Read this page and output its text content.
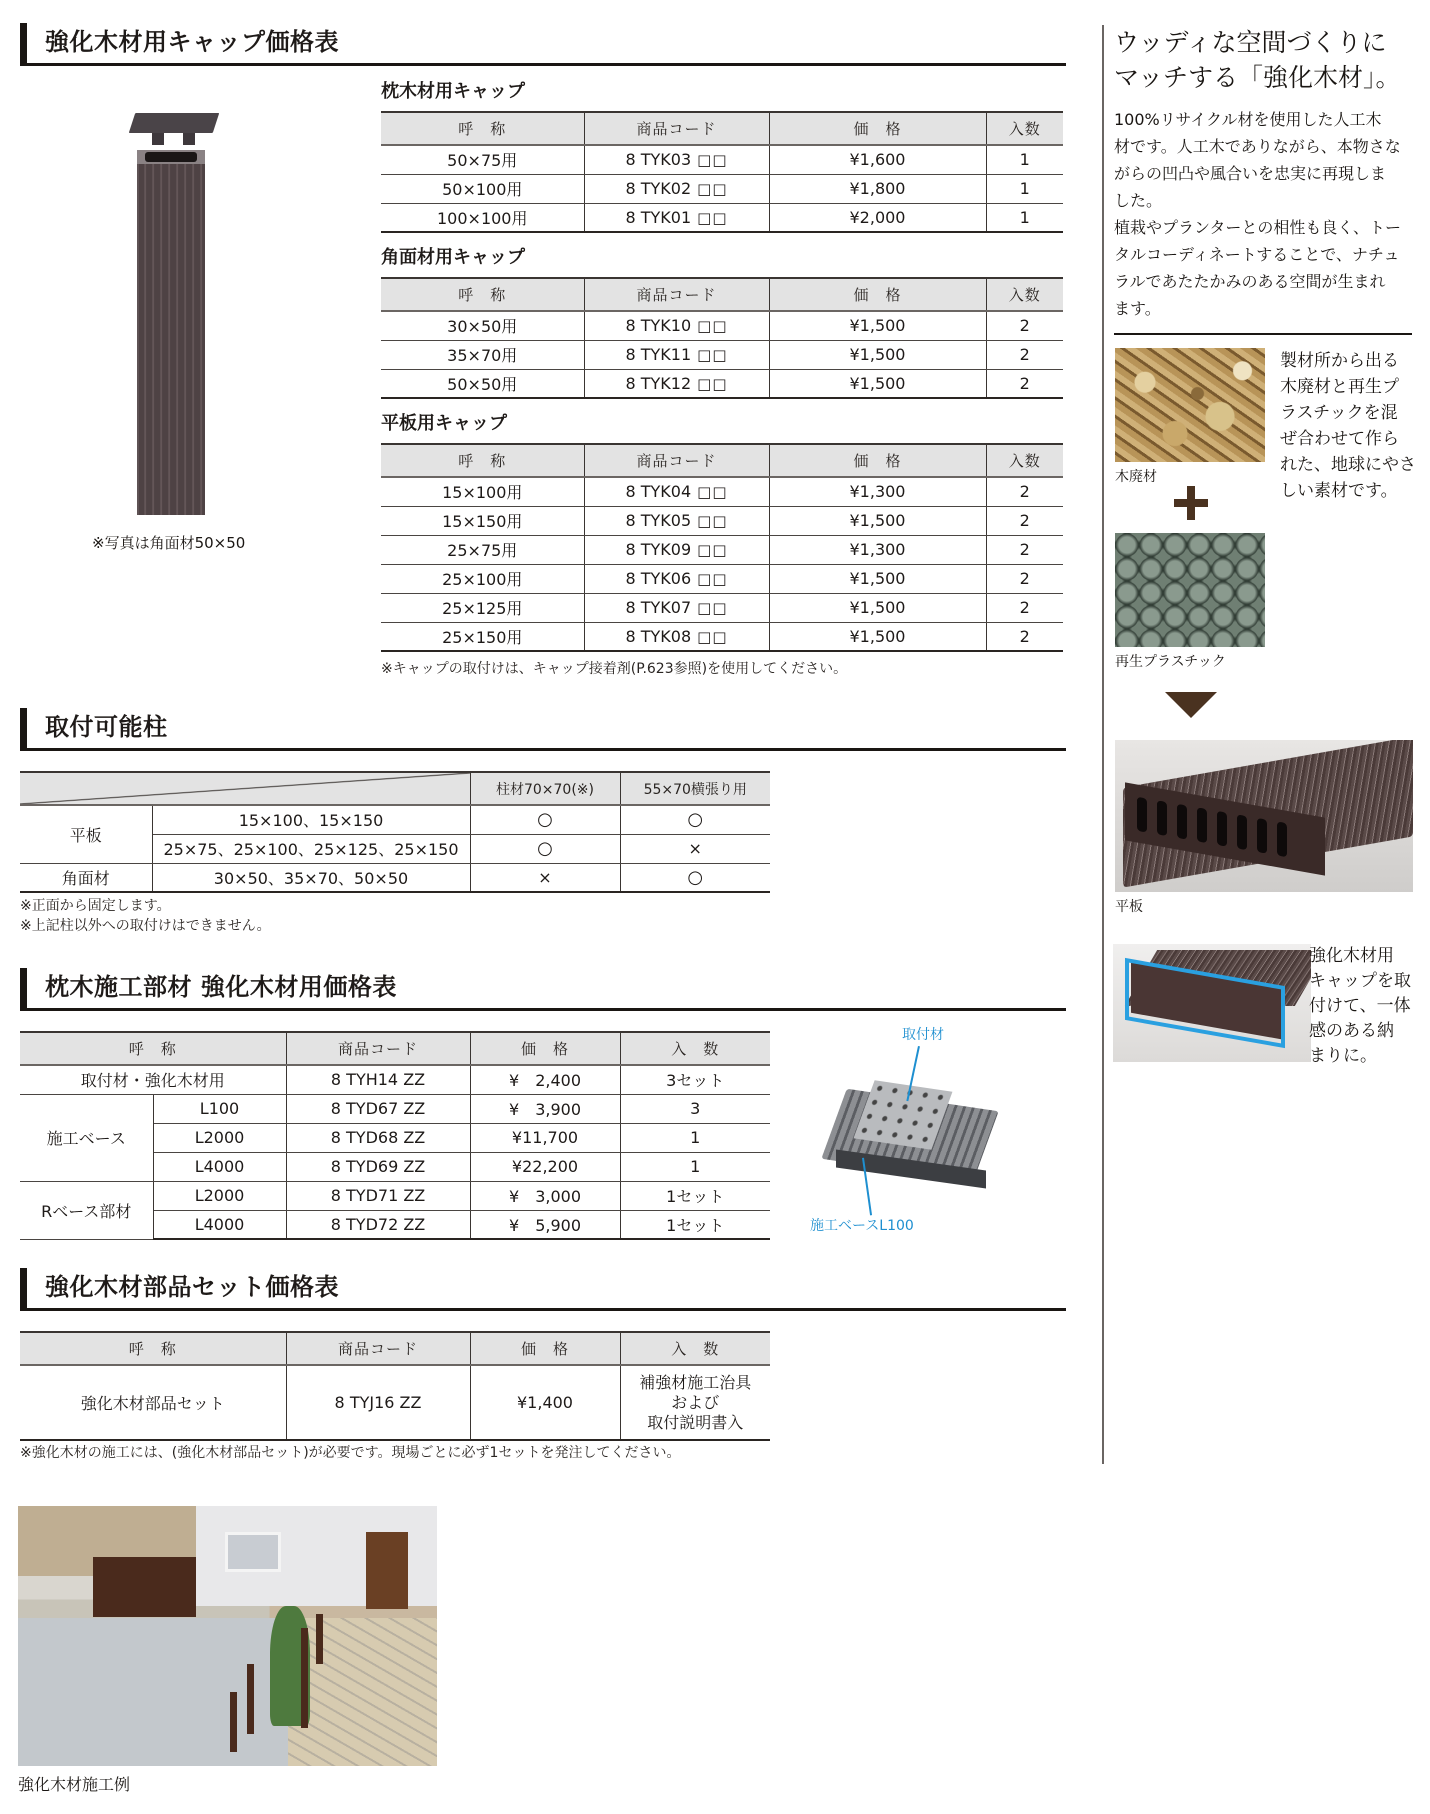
強化木材用キャップ価格表
※写真は角面材50×50
枕木材用キャップ
呼　称	商品コード	価　格	入数
50×75用	8 TYK03 □□	¥1,600	1
50×100用	8 TYK02 □□	¥1,800	1
100×100用	8 TYK01 □□	¥2,000	1
角面材用キャップ
呼　称	商品コード	価　格	入数
30×50用	8 TYK10 □□	¥1,500	2
35×70用	8 TYK11 □□	¥1,500	2
50×50用	8 TYK12 □□	¥1,500	2
平板用キャップ
呼　称	商品コード	価　格	入数
15×100用	8 TYK04 □□	¥1,300	2
15×150用	8 TYK05 □□	¥1,500	2
25×75用	8 TYK09 □□	¥1,300	2
25×100用	8 TYK06 □□	¥1,500	2
25×125用	8 TYK07 □□	¥1,500	2
25×150用	8 TYK08 □□	¥1,500	2
※キャップの取付けは、キャップ接着剤(P.623参照)を使用してください。
取付可能柱
		柱材70×70(※)	55×70横張り用
平板	15×100、15×150	○	○
	25×75、25×100、25×125、25×150	○	×
角面材	30×50、35×70、50×50	×	○
※正面から固定します。
※上記柱以外への取付けはできません。
枕木施工部材 強化木材用価格表
呼　称		商品コード	価　格	入　数
取付材・強化木材用		8 TYH14 ZZ	¥　2,400	3セット
施工ベース	L100	8 TYD67 ZZ	¥　3,900	3
	L2000	8 TYD68 ZZ	¥11,700	1
	L4000	8 TYD69 ZZ	¥22,200	1
Rベース部材	L2000	8 TYD71 ZZ	¥　3,000	1セット
	L4000	8 TYD72 ZZ	¥　5,900	1セット
取付材
施工ベースL100
強化木材部品セット価格表
呼　称	商品コード	価　格	入　数
強化木材部品セット	8 TYJ16 ZZ	¥1,400	補強材施工治具
および
取付説明書入
※強化木材の施工には、(強化木材部品セット)が必要です。現場ごとに必ず1セットを発注してください。
強化木材施工例
ウッディな空間づくりに
マッチする「強化木材」。
100%リサイクル材を使用した人工木
材です。人工木でありながら、本物さな
がらの凹凸や風合いを忠実に再現しま
した。
植栽やプランターとの相性も良く、トー
タルコーディネートすることで、ナチュ
ラルであたたかみのある空間が生まれ
ます。
木廃材
製材所から出る
木廃材と再生プ
ラスチックを混
ぜ合わせて作ら
れた、地球にやさ
しい素材です。
再生プラスチック
平板
強化木材用
キャップを取
付けて、一体
感のある納
まりに。
